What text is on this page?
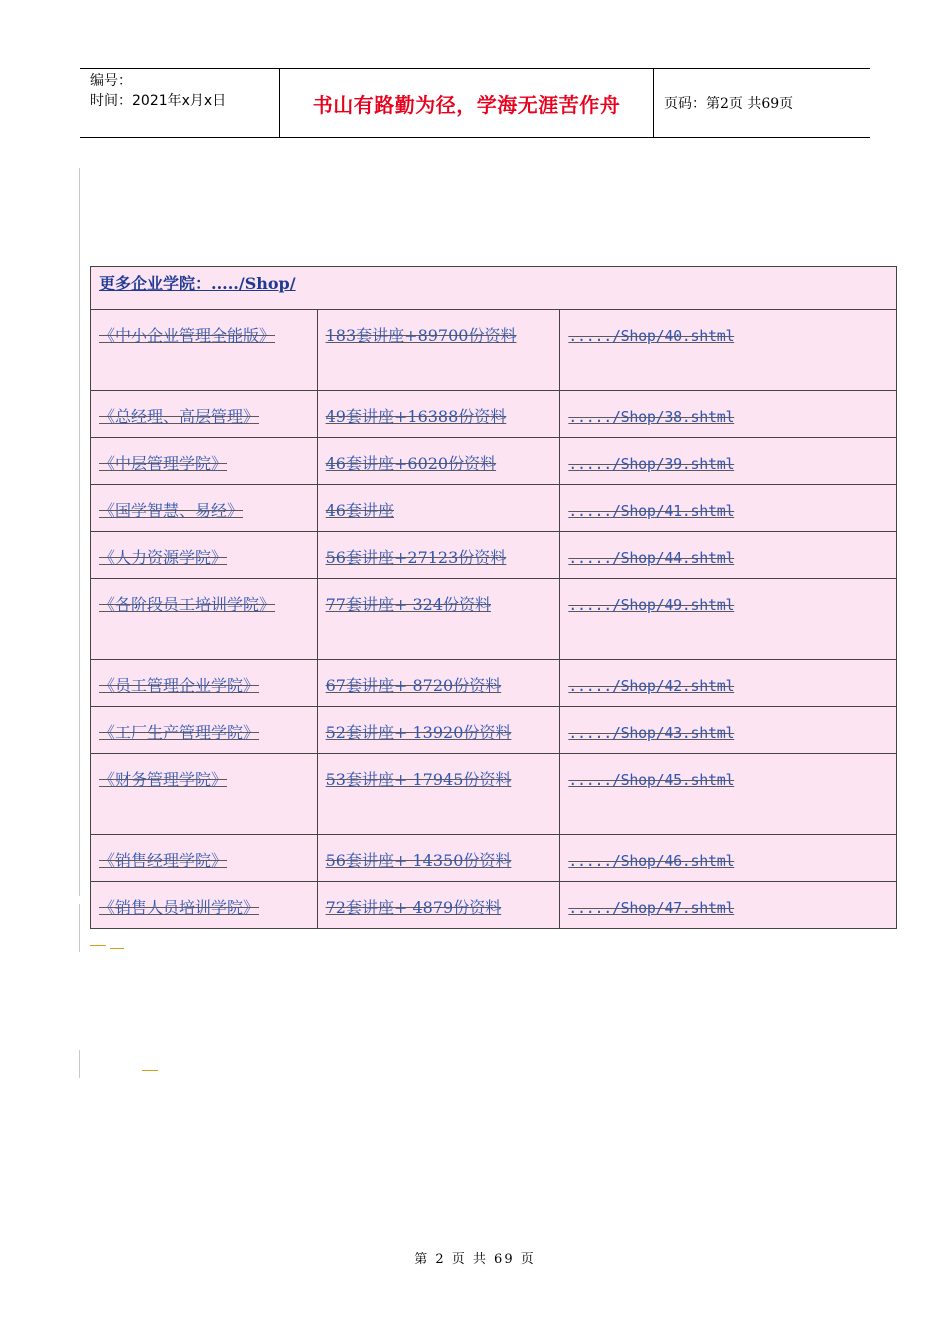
编号：
时间：2021年x月x日	书山有路勤为径，学海无涯苦作舟	页码：第2页 共69页
更多企业学院：...../Shop/		
《中小企业管理全能版》	183套讲座+89700份资料	...../Shop/40.shtml
《总经理、高层管理》	49套讲座+16388份资料	...../Shop/38.shtml
《中层管理学院》	46套讲座+6020份资料	...../Shop/39.shtml
《国学智慧、易经》	46套讲座	...../Shop/41.shtml
《人力资源学院》	56套讲座+27123份资料	...../Shop/44.shtml
《各阶段员工培训学院》	77套讲座+ 324份资料	...../Shop/49.shtml
《员工管理企业学院》	67套讲座+ 8720份资料	...../Shop/42.shtml
《工厂生产管理学院》	52套讲座+ 13920份资料	...../Shop/43.shtml
《财务管理学院》	53套讲座+ 17945份资料	...../Shop/45.shtml
《销售经理学院》	56套讲座+ 14350份资料	...../Shop/46.shtml
《销售人员培训学院》	72套讲座+ 4879份资料	...../Shop/47.shtml
第 2 页 共 69 页
